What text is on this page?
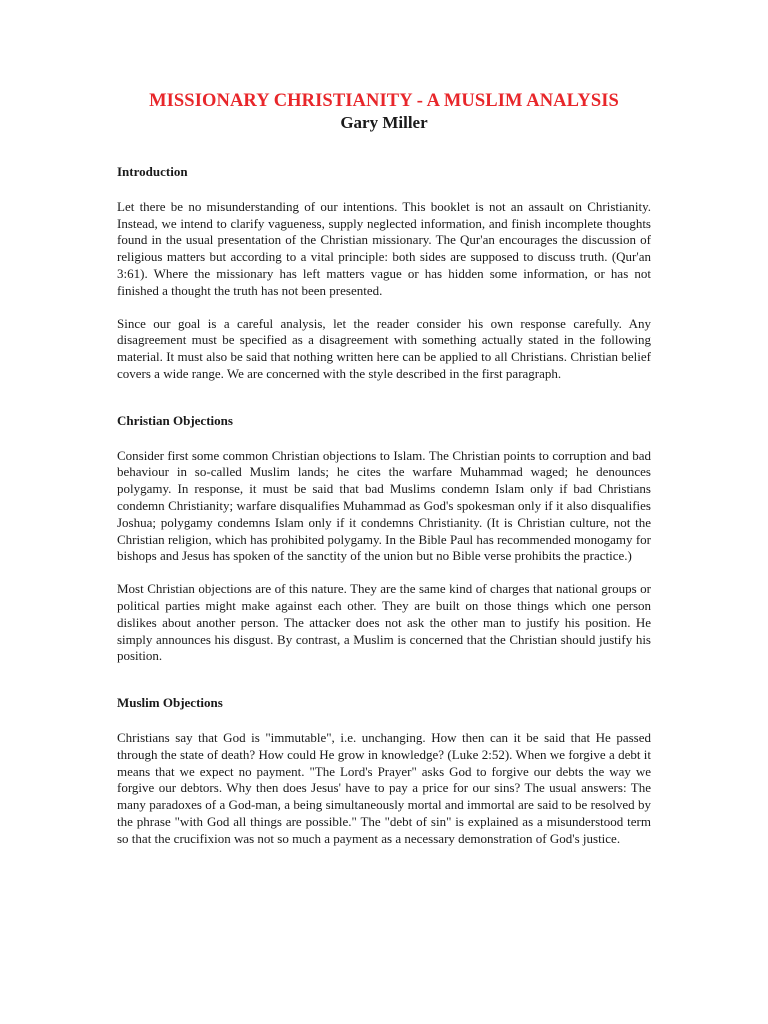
MISSIONARY CHRISTIANITY - A MUSLIM ANALYSIS
Gary Miller
Introduction

Let there be no misunderstanding of our intentions. This booklet is not an assault on Christianity. Instead, we intend to clarify vagueness, supply neglected information, and finish incomplete thoughts found in the usual presentation of the Christian missionary. The Qur'an encourages the discussion of religious matters but according to a vital principle: both sides are supposed to discuss truth. (Qur'an 3:61). Where the missionary has left matters vague or has hidden some information, or has not finished a thought the truth has not been presented.

Since our goal is a careful analysis, let the reader consider his own response carefully. Any disagreement must be specified as a disagreement with something actually stated in the following material. It must also be said that nothing written here can be applied to all Christians. Christian belief covers a wide range. We are concerned with the style described in the first paragraph.

Christian Objections

Consider first some common Christian objections to Islam. The Christian points to corruption and bad behaviour in so-called Muslim lands; he cites the warfare Muhammad waged; he denounces polygamy. In response, it must be said that bad Muslims condemn Islam only if bad Christians condemn Christianity; warfare disqualifies Muhammad as God's spokesman only if it also disqualifies Joshua; polygamy condemns Islam only if it condemns Christianity. (It is Christian culture, not the Christian religion, which has prohibited polygamy. In the Bible Paul has recommended monogamy for bishops and Jesus has spoken of the sanctity of the union but no Bible verse prohibits the practice.)

Most Christian objections are of this nature. They are the same kind of charges that national groups or political parties might make against each other. They are built on those things which one person dislikes about another person. The attacker does not ask the other man to justify his position. He simply announces his disgust. By contrast, a Muslim is concerned that the Christian should justify his position.

Muslim Objections

Christians say that God is "immutable", i.e. unchanging. How then can it be said that He passed through the state of death? How could He grow in knowledge? (Luke 2:52). When we forgive a debt it means that we expect no payment. "The Lord's Prayer" asks God to forgive our debts the way we forgive our debtors. Why then does Jesus' have to pay a price for our sins? The usual answers: The many paradoxes of a God-man, a being simultaneously mortal and immortal are said to be resolved by the phrase "with God all things are possible." The "debt of sin" is explained as a misunderstood term so that the crucifixion was not so much a payment as a necessary demonstration of God's justice.
